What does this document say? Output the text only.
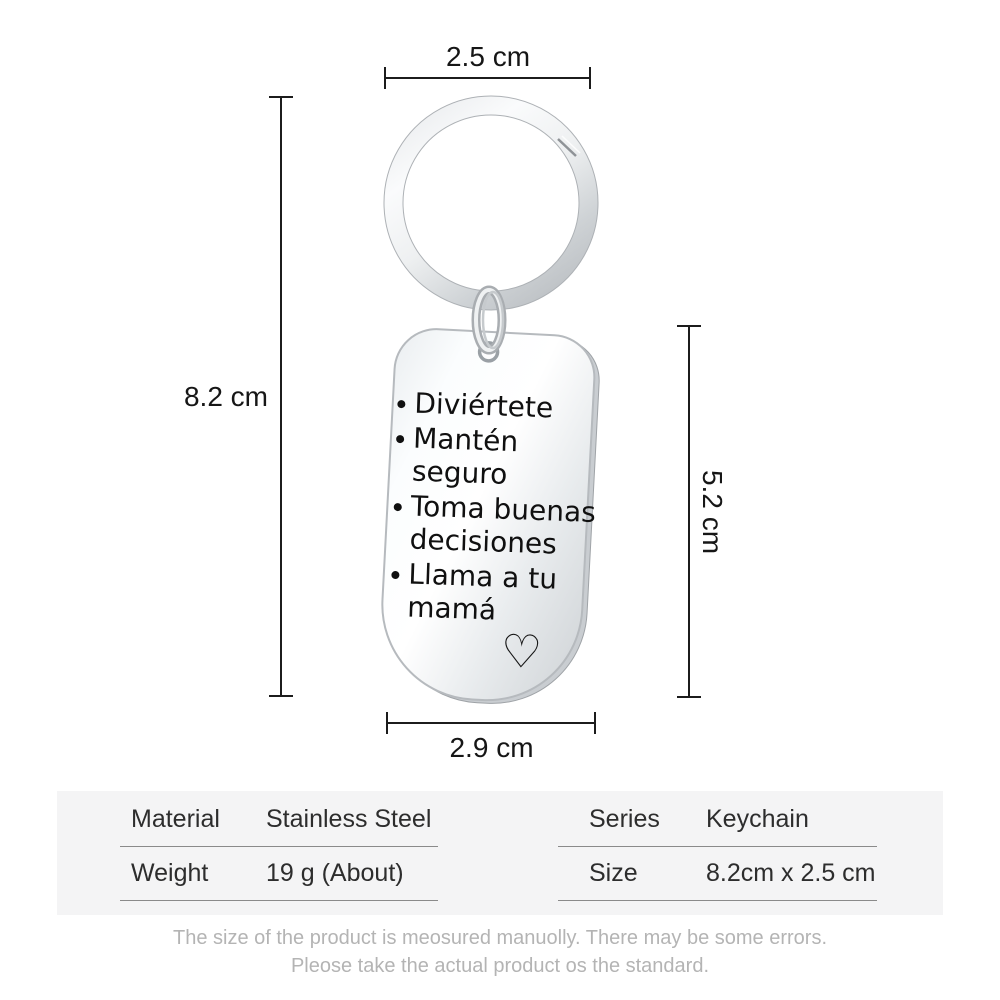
Diviértete
Mantén
seguro
Toma buenas
decisiones
Llama a tu
mamá
♡
2.5 cm
8.2 cm
5.2 cm
2.9 cm
Material	Stainless Steel
Weight	19 g (About)
Series	Keychain
Size	8.2cm x 2.5 cm
The size of the product is meosured manuolly. There may be some errors.
Pleose take the actual product os the standard.
